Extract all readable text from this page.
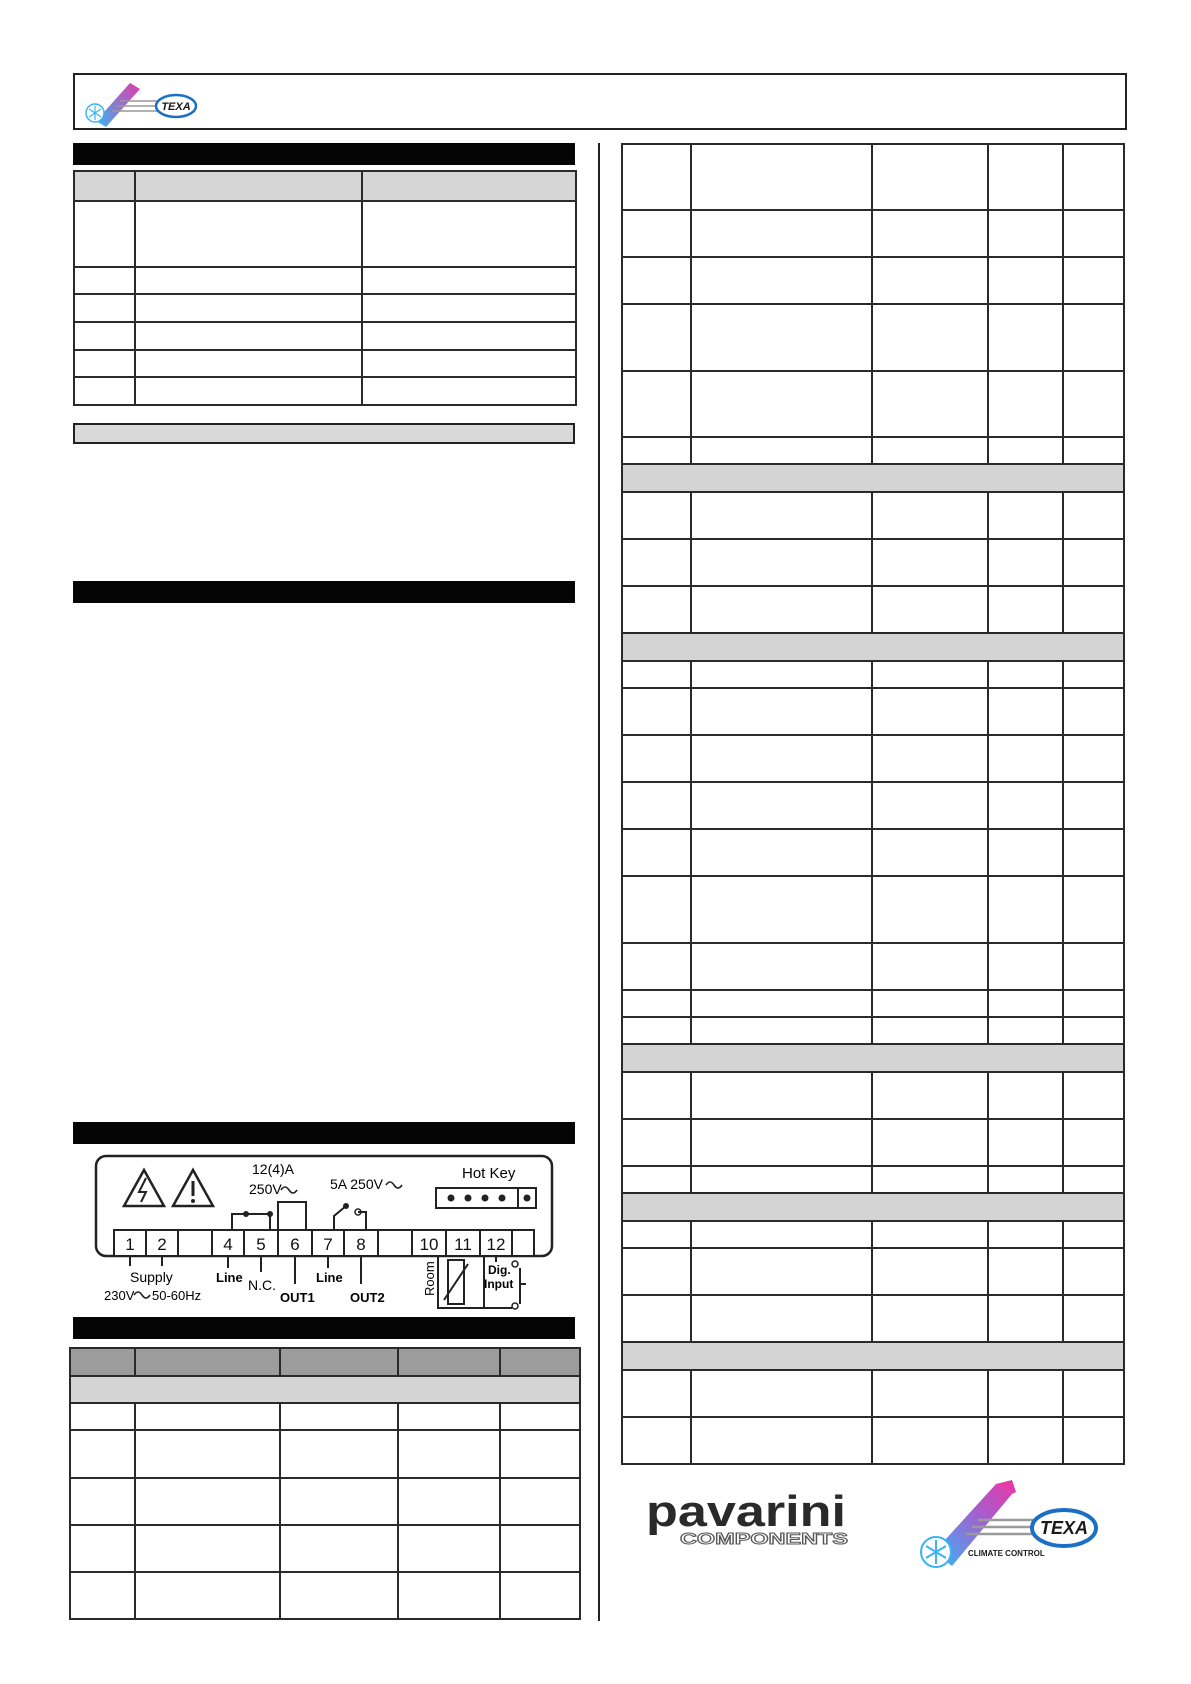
TEXA

12(4)A
250V	5A 250V
Hot Key
1 2	4 5 6 7 8	10 11 12
Supply
230V 50-60Hz
Line N.C.
OUT1
Line
OUT2
Room	Dig.
Input

pavarini
COMPONENTS
TEXA
CLIMATE CONTROL
